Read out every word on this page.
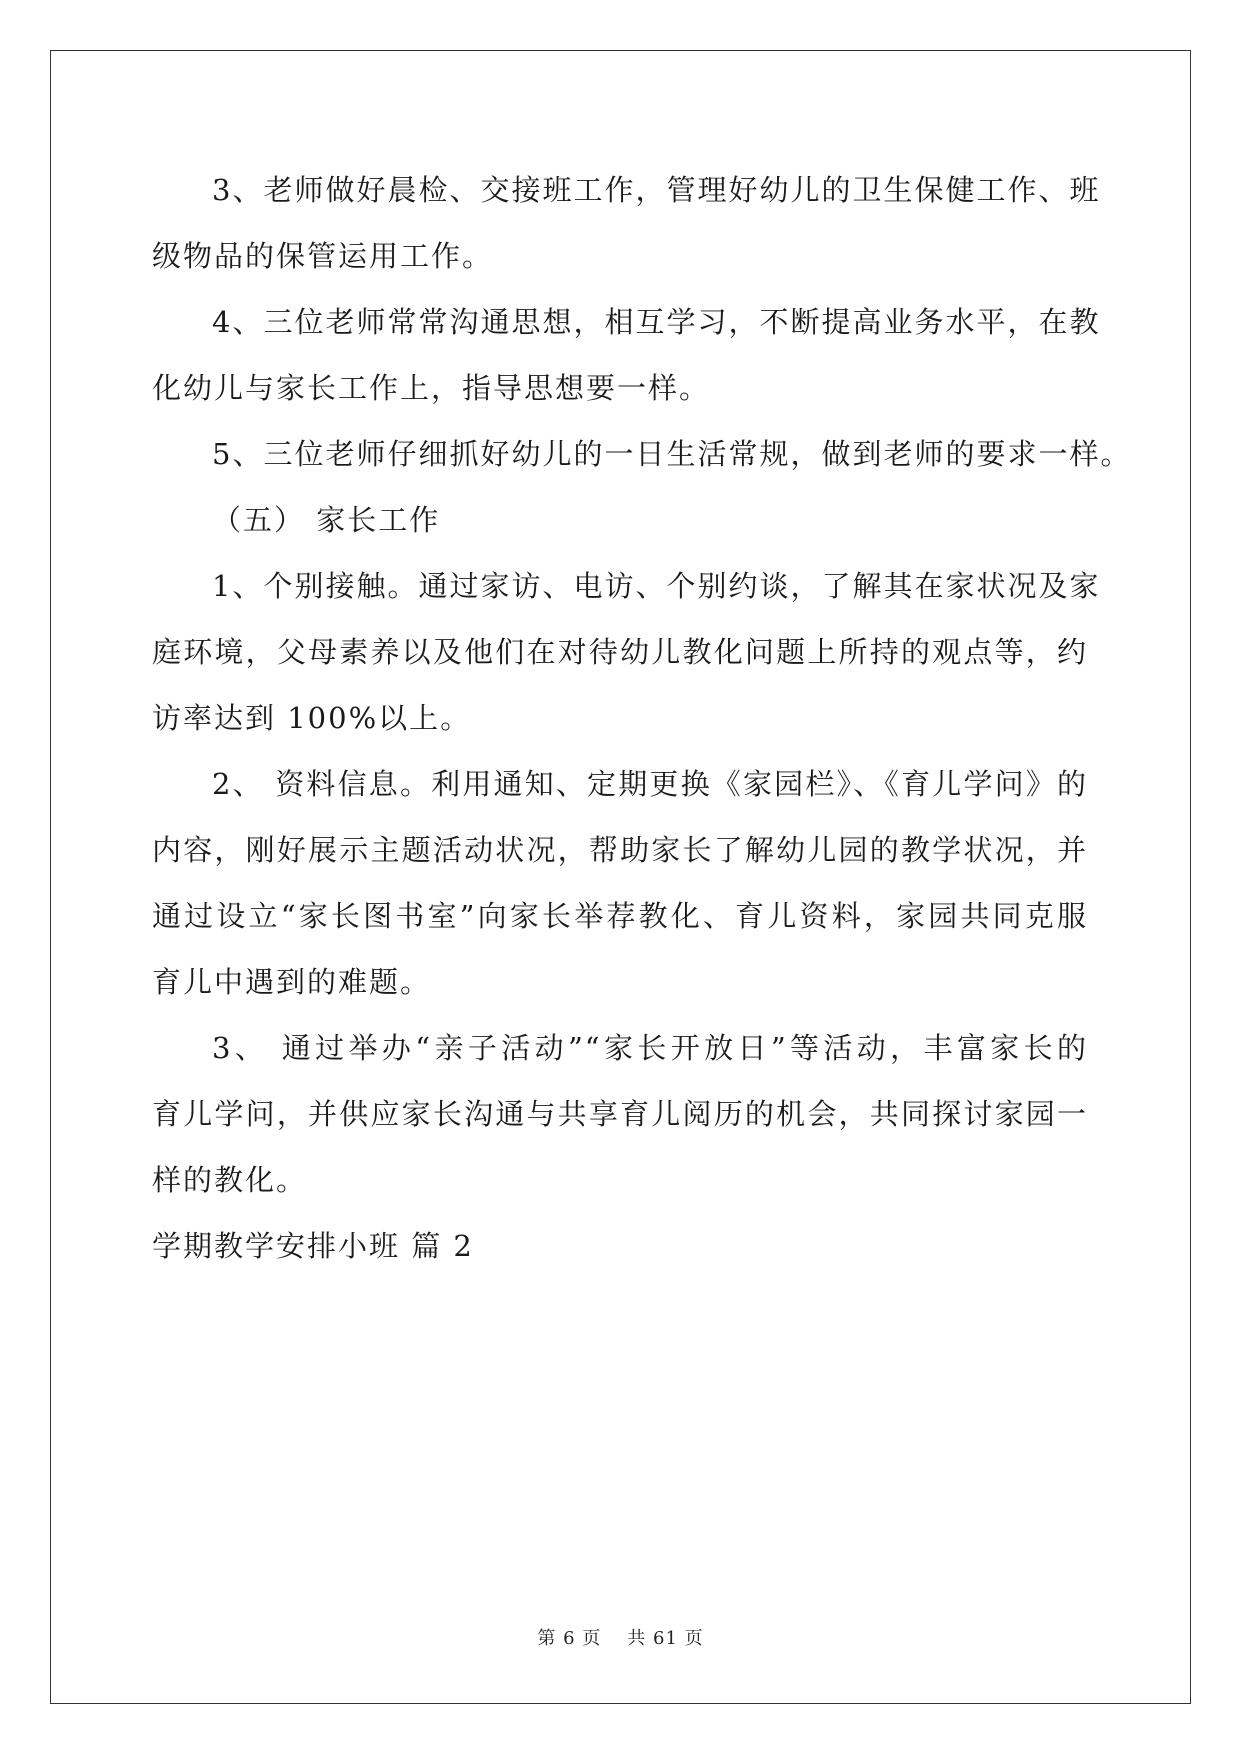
3、老师做好晨检、交接班工作，管理好幼儿的卫生保健工作、班
级物品的保管运用工作。
4、三位老师常常沟通思想，相互学习，不断提高业务水平，在教
化幼儿与家长工作上，指导思想要一样。
5、三位老师仔细抓好幼儿的一日生活常规，做到老师的要求一样。
（五） 家长工作
1、个别接触。通过家访、电访、个别约谈，了解其在家状况及家
庭环境，父母素养以及他们在对待幼儿教化问题上所持的观点等，约
访率达到 100%以上。
2、 资料信息。利用通知、定期更换《家园栏》、《育儿学问》的
内容，刚好展示主题活动状况，帮助家长了解幼儿园的教学状况，并
通过设立“家长图书室”向家长举荐教化、育儿资料，家园共同克服
育儿中遇到的难题。
3、 通过举办“亲子活动”“家长开放日”等活动，丰富家长的
育儿学问，并供应家长沟通与共享育儿阅历的机会，共同探讨家园一
样的教化。
学期教学安排小班 篇 2
第 6 页 共 61 页
